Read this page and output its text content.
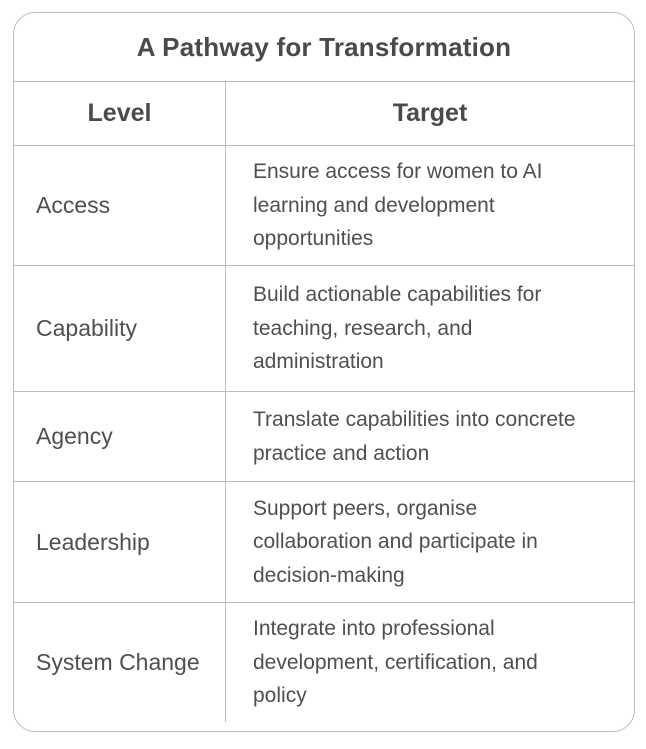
A Pathway for Transformation
Level	Target
Access
Ensure access for women to AI learning and development opportunities
Capability
Build actionable capabilities for teaching, research, and administration
Agency
Translate capabilities into concrete practice and action
Leadership
Support peers, organise collaboration and participate in decision-making
System Change
Integrate into professional development, certification, and policy
